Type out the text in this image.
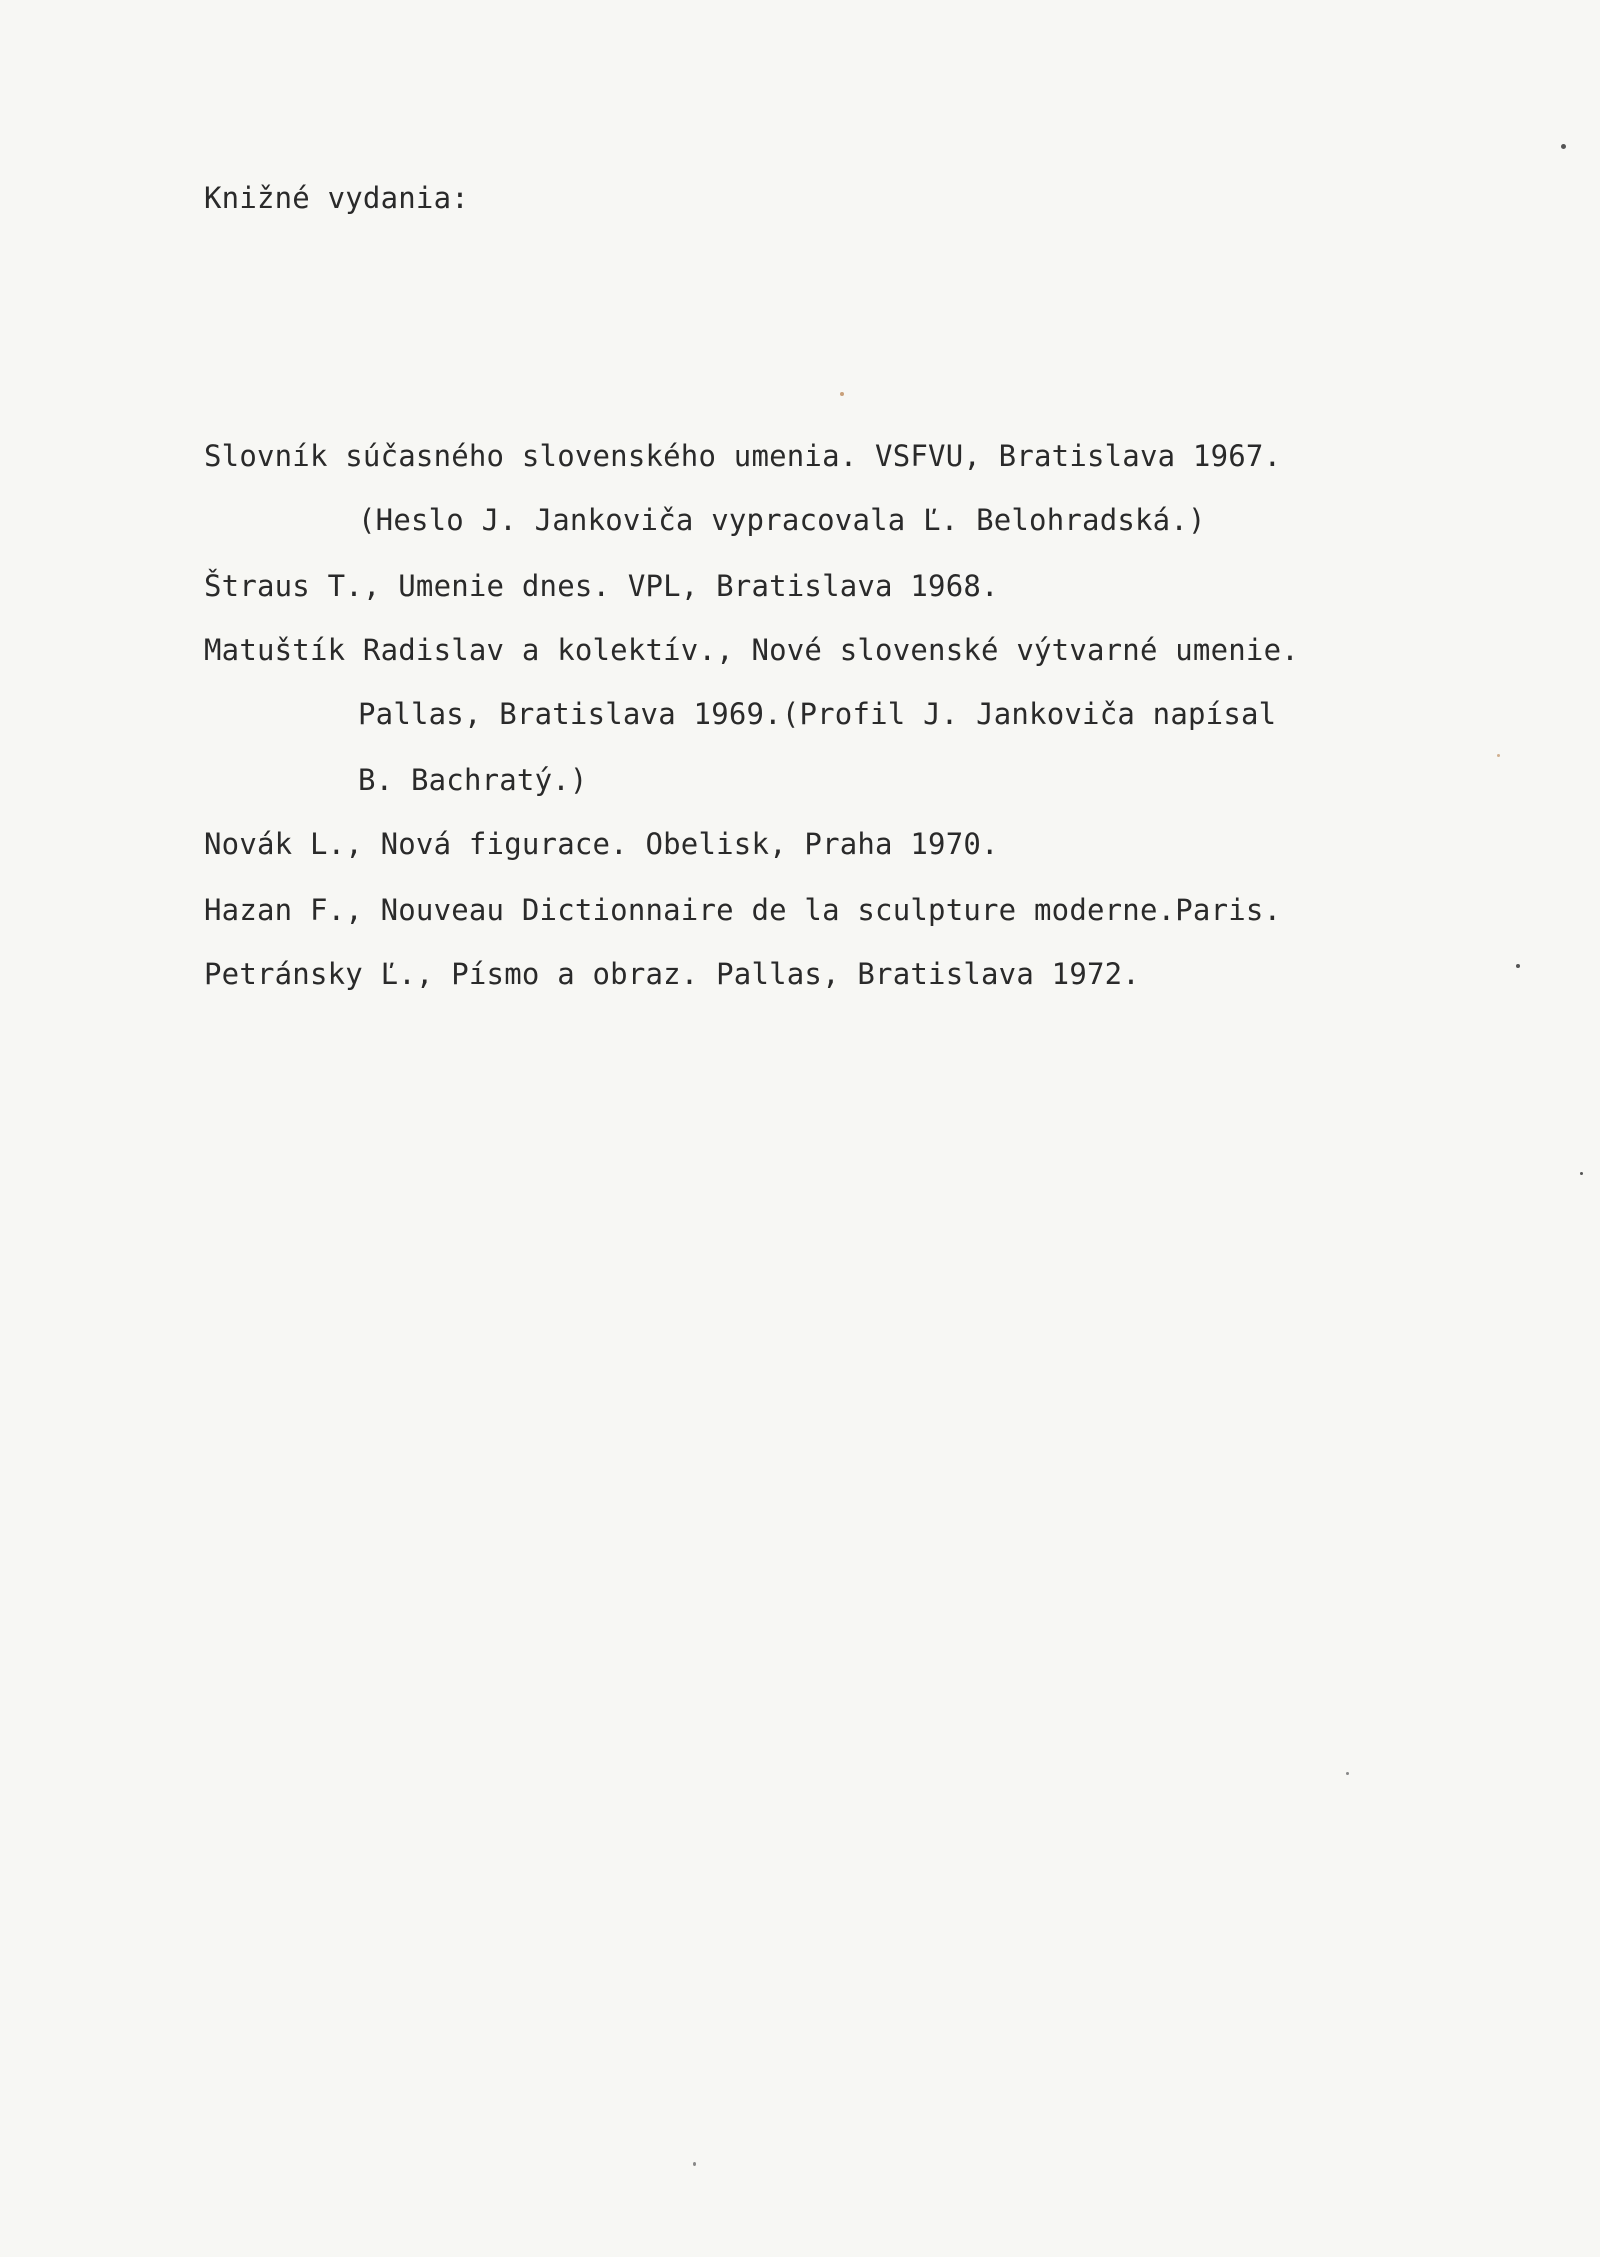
Knižné vydania:
Slovník súčasného slovenského umenia. VSFVU, Bratislava 1967.
(Heslo J. Jankoviča vypracovala Ľ. Belohradská.)
Štraus T., Umenie dnes. VPL, Bratislava 1968.
Matuštík Radislav a kolektív., Nové slovenské výtvarné umenie.
Pallas, Bratislava 1969.(Profil J. Jankoviča napísal
B. Bachratý.)
Novák L., Nová figurace. Obelisk, Praha 1970.
Hazan F., Nouveau Dictionnaire de la sculpture moderne.Paris.
Petránsky Ľ., Písmo a obraz. Pallas, Bratislava 1972.
